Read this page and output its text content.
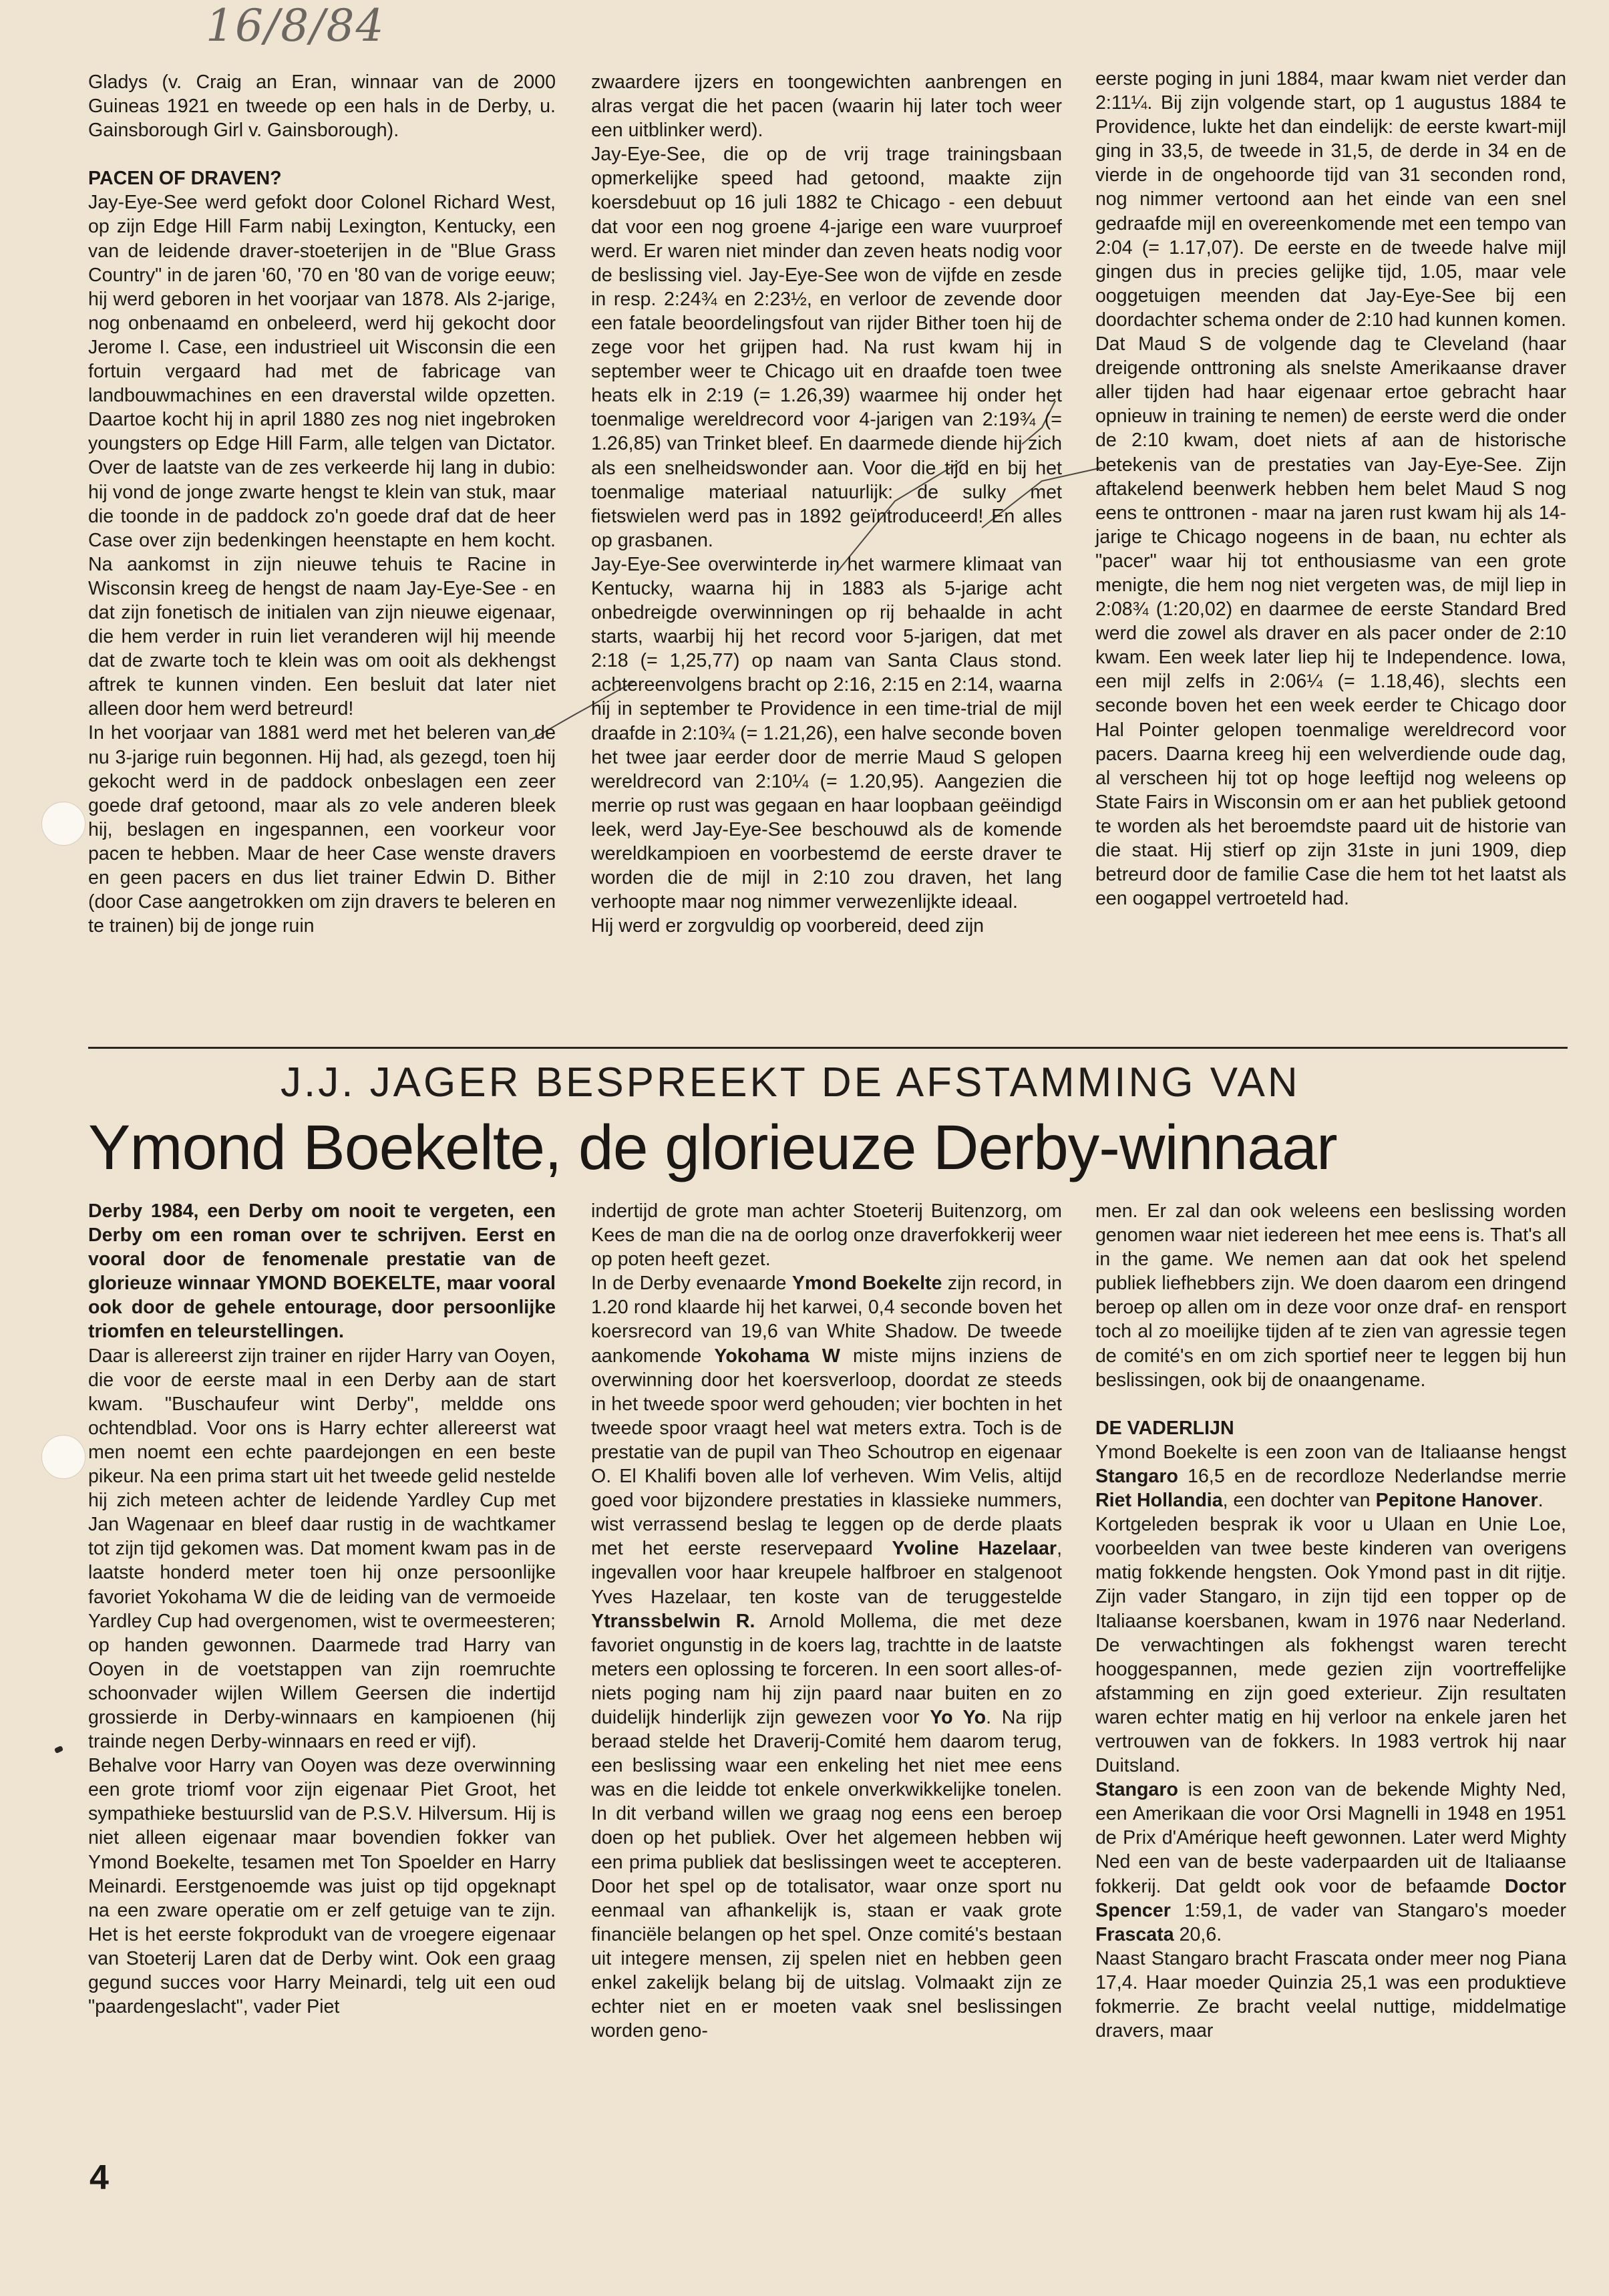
16/8/84

Gladys (v. Craig an Eran, winnaar van de 2000 Guineas 1921 en tweede op een hals in de Derby, u. Gainsborough Girl v. Gainsborough).

PACEN OF DRAVEN?

Jay-Eye-See werd gefokt door Colonel Richard West, op zijn Edge Hill Farm nabij Lexington, Kentucky, een van de leidende draver-stoeterijen in de "Blue Grass Country" in de jaren '60, '70 en '80 van de vorige eeuw; hij werd geboren in het voorjaar van 1878. Als 2-jarige, nog onbenaamd en onbeleerd, werd hij gekocht door Jerome I. Case, een industrieel uit Wisconsin die een fortuin vergaard had met de fabricage van landbouwmachines en een draverstal wilde opzetten. Daartoe kocht hij in april 1880 zes nog niet ingebroken youngsters op Edge Hill Farm, alle telgen van Dictator. Over de laatste van de zes verkeerde hij lang in dubio: hij vond de jonge zwarte hengst te klein van stuk, maar die toonde in de paddock zo'n goede draf dat de heer Case over zijn bedenkingen heenstapte en hem kocht. Na aankomst in zijn nieuwe tehuis te Racine in Wisconsin kreeg de hengst de naam Jay-Eye-See - en dat zijn fonetisch de initialen van zijn nieuwe eigenaar, die hem verder in ruin liet veranderen wijl hij meende dat de zwarte toch te klein was om ooit als dekhengst aftrek te kunnen vinden. Een besluit dat later niet alleen door hem werd betreurd!

In het voorjaar van 1881 werd met het beleren van de nu 3-jarige ruin begonnen. Hij had, als gezegd, toen hij gekocht werd in de paddock onbeslagen een zeer goede draf getoond, maar als zo vele anderen bleek hij, beslagen en ingespannen, een voorkeur voor pacen te hebben. Maar de heer Case wenste dravers en geen pacers en dus liet trainer Edwin D. Bither (door Case aangetrokken om zijn dravers te beleren en te trainen) bij de jonge ruin

zwaardere ijzers en toongewichten aanbrengen en alras vergat die het pacen (waarin hij later toch weer een uitblinker werd).

Jay-Eye-See, die op de vrij trage trainingsbaan opmerkelijke speed had getoond, maakte zijn koersdebuut op 16 juli 1882 te Chicago - een debuut dat voor een nog groene 4-jarige een ware vuurproef werd. Er waren niet minder dan zeven heats nodig voor de beslissing viel. Jay-Eye-See won de vijfde en zesde in resp. 2:24¾ en 2:23½, en verloor de zevende door een fatale beoordelingsfout van rijder Bither toen hij de zege voor het grijpen had. Na rust kwam hij in september weer te Chicago uit en draafde toen twee heats elk in 2:19 (= 1.26,39) waarmee hij onder het toenmalige wereldrecord voor 4-jarigen van 2:19¾ (= 1.26,85) van Trinket bleef. En daarmede diende hij zich als een snelheidswonder aan. Voor die tijd en bij het toenmalige materiaal natuurlijk: de sulky met fietswielen werd pas in 1892 geïntroduceerd! En alles op grasbanen.

Jay-Eye-See overwinterde in het warmere klimaat van Kentucky, waarna hij in 1883 als 5-jarige acht onbedreigde overwinningen op rij behaalde in acht starts, waarbij hij het record voor 5-jarigen, dat met 2:18 (= 1,25,77) op naam van Santa Claus stond. achtereenvolgens bracht op 2:16, 2:15 en 2:14, waarna hij in september te Providence in een time-trial de mijl draafde in 2:10¾ (= 1.21,26), een halve seconde boven het twee jaar eerder door de merrie Maud S gelopen wereldrecord van 2:10¼ (= 1.20,95). Aangezien die merrie op rust was gegaan en haar loopbaan geëindigd leek, werd Jay-Eye-See beschouwd als de komende wereldkampioen en voorbestemd de eerste draver te worden die de mijl in 2:10 zou draven, het lang verhoopte maar nog nimmer verwezenlijkte ideaal.

Hij werd er zorgvuldig op voorbereid, deed zijn

eerste poging in juni 1884, maar kwam niet verder dan 2:11¼. Bij zijn volgende start, op 1 augustus 1884 te Providence, lukte het dan eindelijk: de eerste kwart-mijl ging in 33,5, de tweede in 31,5, de derde in 34 en de vierde in de ongehoorde tijd van 31 seconden rond, nog nimmer vertoond aan het einde van een snel gedraafde mijl en overeenkomende met een tempo van 2:04 (= 1.17,07). De eerste en de tweede halve mijl gingen dus in precies gelijke tijd, 1.05, maar vele ooggetuigen meenden dat Jay-Eye-See bij een doordachter schema onder de 2:10 had kunnen komen. Dat Maud S de volgende dag te Cleveland (haar dreigende onttroning als snelste Amerikaanse draver aller tijden had haar eigenaar ertoe gebracht haar opnieuw in training te nemen) de eerste werd die onder de 2:10 kwam, doet niets af aan de historische betekenis van de prestaties van Jay-Eye-See. Zijn aftakelend beenwerk hebben hem belet Maud S nog eens te onttronen - maar na jaren rust kwam hij als 14-jarige te Chicago nogeens in de baan, nu echter als "pacer" waar hij tot enthousiasme van een grote menigte, die hem nog niet vergeten was, de mijl liep in 2:08¾ (1:20,02) en daarmee de eerste Standard Bred werd die zowel als draver en als pacer onder de 2:10 kwam. Een week later liep hij te Independence. Iowa, een mijl zelfs in 2:06¼ (= 1.18,46), slechts een seconde boven het een week eerder te Chicago door Hal Pointer gelopen toenmalige wereldrecord voor pacers. Daarna kreeg hij een welverdiende oude dag, al verscheen hij tot op hoge leeftijd nog weleens op State Fairs in Wisconsin om er aan het publiek getoond te worden als het beroemdste paard uit de historie van die staat. Hij stierf op zijn 31ste in juni 1909, diep betreurd door de familie Case die hem tot het laatst als een oogappel vertroeteld had.

J.J. JAGER BESPREEKT DE AFSTAMMING VAN
Ymond Boekelte, de glorieuze Derby-winnaar

Derby 1984, een Derby om nooit te vergeten, een Derby om een roman over te schrijven. Eerst en vooral door de fenomenale prestatie van de glorieuze winnaar YMOND BOEKELTE, maar vooral ook door de gehele entourage, door persoonlijke triomfen en teleurstellingen.

Daar is allereerst zijn trainer en rijder Harry van Ooyen, die voor de eerste maal in een Derby aan de start kwam. "Buschaufeur wint Derby", meldde ons ochtendblad. Voor ons is Harry echter allereerst wat men noemt een echte paardejongen en een beste pikeur. Na een prima start uit het tweede gelid nestelde hij zich meteen achter de leidende Yardley Cup met Jan Wagenaar en bleef daar rustig in de wachtkamer tot zijn tijd gekomen was. Dat moment kwam pas in de laatste honderd meter toen hij onze persoonlijke favoriet Yokohama W die de leiding van de vermoeide Yardley Cup had overgenomen, wist te overmeesteren; op handen gewonnen. Daarmede trad Harry van Ooyen in de voetstappen van zijn roemruchte schoonvader wijlen Willem Geersen die indertijd grossierde in Derby-winnaars en kampioenen (hij trainde negen Derby-winnaars en reed er vijf).

Behalve voor Harry van Ooyen was deze overwinning een grote triomf voor zijn eigenaar Piet Groot, het sympathieke bestuurslid van de P.S.V. Hilversum. Hij is niet alleen eigenaar maar bovendien fokker van Ymond Boekelte, tesamen met Ton Spoelder en Harry Meinardi. Eerstgenoemde was juist op tijd opgeknapt na een zware operatie om er zelf getuige van te zijn. Het is het eerste fokprodukt van de vroegere eigenaar van Stoeterij Laren dat de Derby wint. Ook een graag gegund succes voor Harry Meinardi, telg uit een oud "paardengeslacht", vader Piet

indertijd de grote man achter Stoeterij Buitenzorg, om Kees de man die na de oorlog onze draverfokkerij weer op poten heeft gezet.

In de Derby evenaarde Ymond Boekelte zijn record, in 1.20 rond klaarde hij het karwei, 0,4 seconde boven het koersrecord van 19,6 van White Shadow. De tweede aankomende Yokohama W miste mijns inziens de overwinning door het koersverloop, doordat ze steeds in het tweede spoor werd gehouden; vier bochten in het tweede spoor vraagt heel wat meters extra. Toch is de prestatie van de pupil van Theo Schoutrop en eigenaar O. El Khalifi boven alle lof verheven. Wim Velis, altijd goed voor bijzondere prestaties in klassieke nummers, wist verrassend beslag te leggen op de derde plaats met het eerste reservepaard Yvoline Hazelaar, ingevallen voor haar kreupele halfbroer en stalgenoot Yves Hazelaar, ten koste van de teruggestelde Ytranssbelwin R. Arnold Mollema, die met deze favoriet ongunstig in de koers lag, trachtte in de laatste meters een oplossing te forceren. In een soort alles-of-niets poging nam hij zijn paard naar buiten en zo duidelijk hinderlijk zijn gewezen voor Yo Yo. Na rijp beraad stelde het Draverij-Comité hem daarom terug, een beslissing waar een enkeling het niet mee eens was en die leidde tot enkele onverkwikkelijke tonelen. In dit verband willen we graag nog eens een beroep doen op het publiek. Over het algemeen hebben wij een prima publiek dat beslissingen weet te accepteren. Door het spel op de totalisator, waar onze sport nu eenmaal van afhankelijk is, staan er vaak grote financiële belangen op het spel. Onze comité's bestaan uit integere mensen, zij spelen niet en hebben geen enkel zakelijk belang bij de uitslag. Volmaakt zijn ze echter niet en er moeten vaak snel beslissingen worden geno-

men. Er zal dan ook weleens een beslissing worden genomen waar niet iedereen het mee eens is. That's all in the game. We nemen aan dat ook het spelend publiek liefhebbers zijn. We doen daarom een dringend beroep op allen om in deze voor onze draf- en rensport toch al zo moeilijke tijden af te zien van agressie tegen de comité's en om zich sportief neer te leggen bij hun beslissingen, ook bij de onaangename.

DE VADERLIJN

Ymond Boekelte is een zoon van de Italiaanse hengst Stangaro 16,5 en de recordloze Nederlandse merrie Riet Hollandia, een dochter van Pepitone Hanover.

Kortgeleden besprak ik voor u Ulaan en Unie Loe, voorbeelden van twee beste kinderen van overigens matig fokkende hengsten. Ook Ymond past in dit rijtje. Zijn vader Stangaro, in zijn tijd een topper op de Italiaanse koersbanen, kwam in 1976 naar Nederland. De verwachtingen als fokhengst waren terecht hooggespannen, mede gezien zijn voortreffelijke afstamming en zijn goed exterieur. Zijn resultaten waren echter matig en hij verloor na enkele jaren het vertrouwen van de fokkers. In 1983 vertrok hij naar Duitsland.

Stangaro is een zoon van de bekende Mighty Ned, een Amerikaan die voor Orsi Magnelli in 1948 en 1951 de Prix d'Amérique heeft gewonnen. Later werd Mighty Ned een van de beste vaderpaarden uit de Italiaanse fokkerij. Dat geldt ook voor de befaamde Doctor Spencer 1:59,1, de vader van Stangaro's moeder Frascata 20,6.

Naast Stangaro bracht Frascata onder meer nog Piana 17,4. Haar moeder Quinzia 25,1 was een produktieve fokmerrie. Ze bracht veelal nuttige, middelmatige dravers, maar

4
